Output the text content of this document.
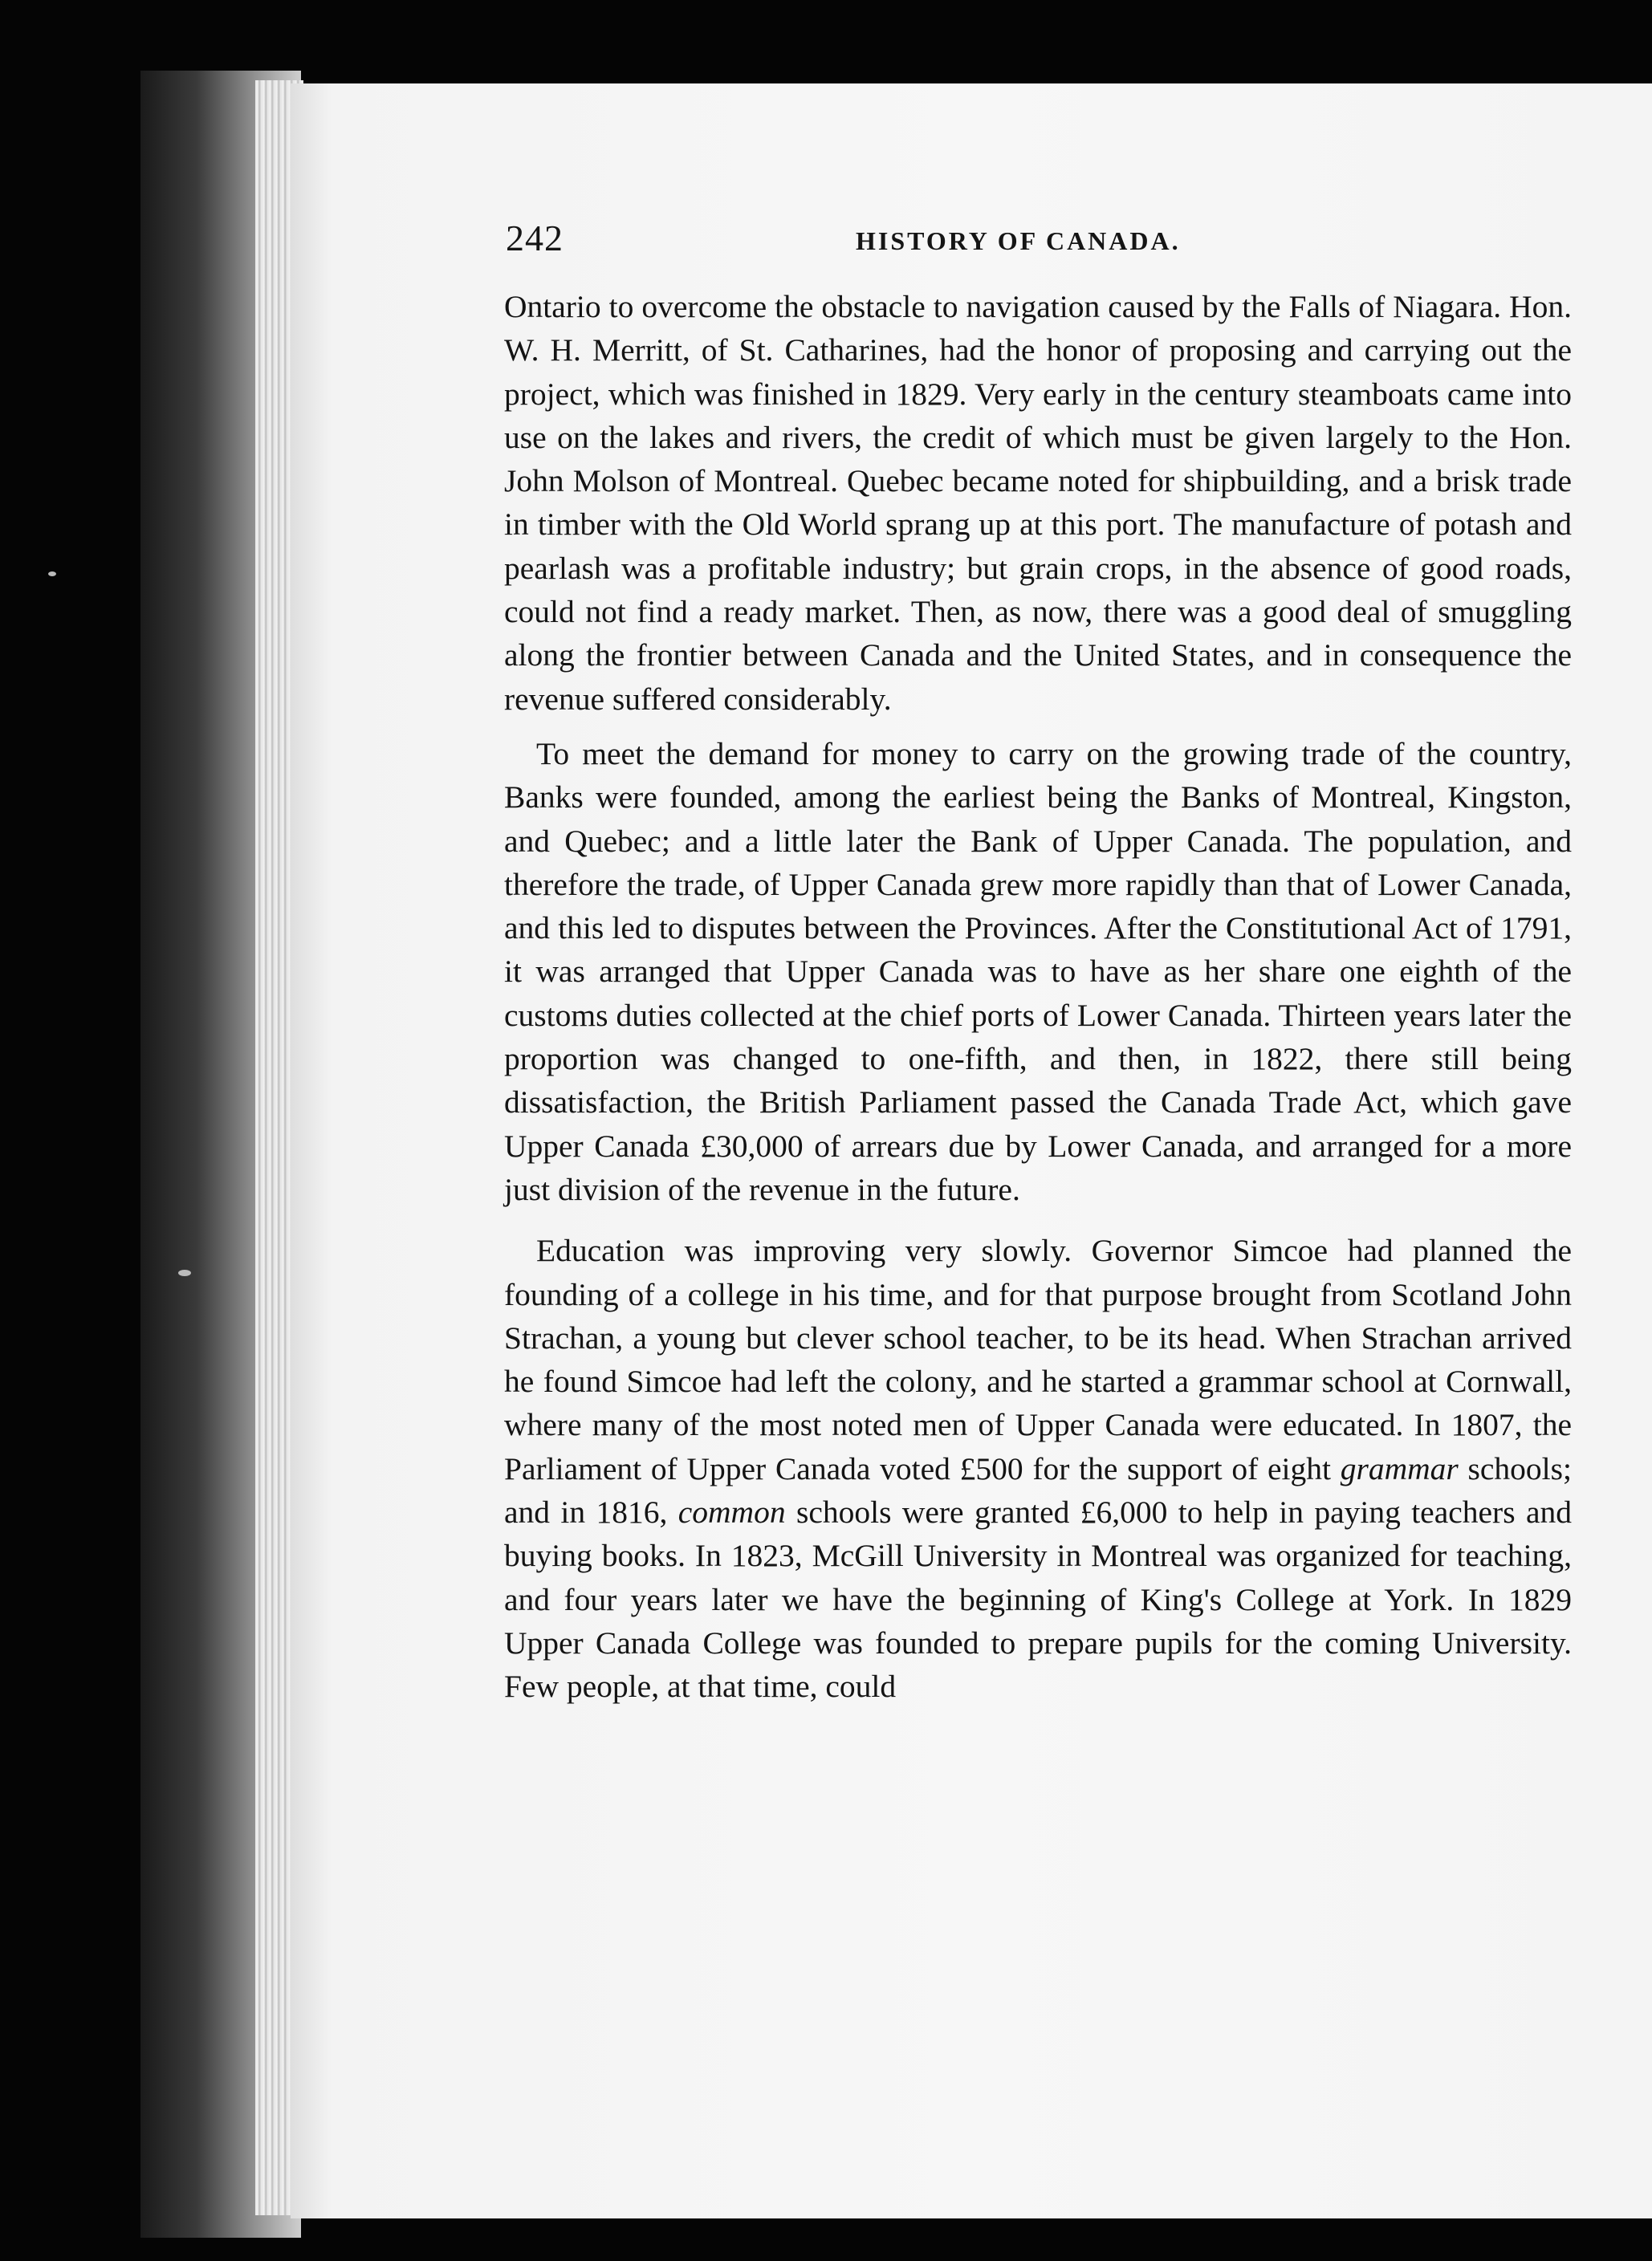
242	HISTORY OF CANADA.

Ontario to overcome the obstacle to navigation caused by the Falls of Niagara. Hon. W. H. Merritt, of St. Catharines, had the honor of proposing and carrying out the project, which was finished in 1829. Very early in the century steamboats came into use on the lakes and rivers, the credit of which must be given largely to the Hon. John Molson of Montreal. Quebec became noted for shipbuilding, and a brisk trade in timber with the Old World sprang up at this port. The manufacture of potash and pearlash was a profitable industry; but grain crops, in the absence of good roads, could not find a ready market. Then, as now, there was a good deal of smuggling along the frontier between Canada and the United States, and in consequence the revenue suffered considerably.

To meet the demand for money to carry on the growing trade of the country, Banks were founded, among the earliest being the Banks of Montreal, Kingston, and Quebec; and a little later the Bank of Upper Canada. The population, and therefore the trade, of Upper Canada grew more rapidly than that of Lower Canada, and this led to disputes between the Provinces. After the Constitutional Act of 1791, it was arranged that Upper Canada was to have as her share one eighth of the customs duties collected at the chief ports of Lower Canada. Thirteen years later the proportion was changed to one-fifth, and then, in 1822, there still being dissatisfaction, the British Parliament passed the Canada Trade Act, which gave Upper Canada £30,000 of arrears due by Lower Canada, and arranged for a more just division of the revenue in the future.

Education was improving very slowly. Governor Simcoe had planned the founding of a college in his time, and for that purpose brought from Scotland John Strachan, a young but clever school teacher, to be its head. When Strachan arrived he found Simcoe had left the colony, and he started a grammar school at Cornwall, where many of the most noted men of Upper Canada were educated. In 1807, the Parliament of Upper Canada voted £500 for the support of eight grammar schools; and in 1816, common schools were granted £6,000 to help in paying teachers and buying books. In 1823, McGill University in Montreal was organized for teaching, and four years later we have the beginning of King's College at York. In 1829 Upper Canada College was founded to prepare pupils for the coming University. Few people, at that time, could
